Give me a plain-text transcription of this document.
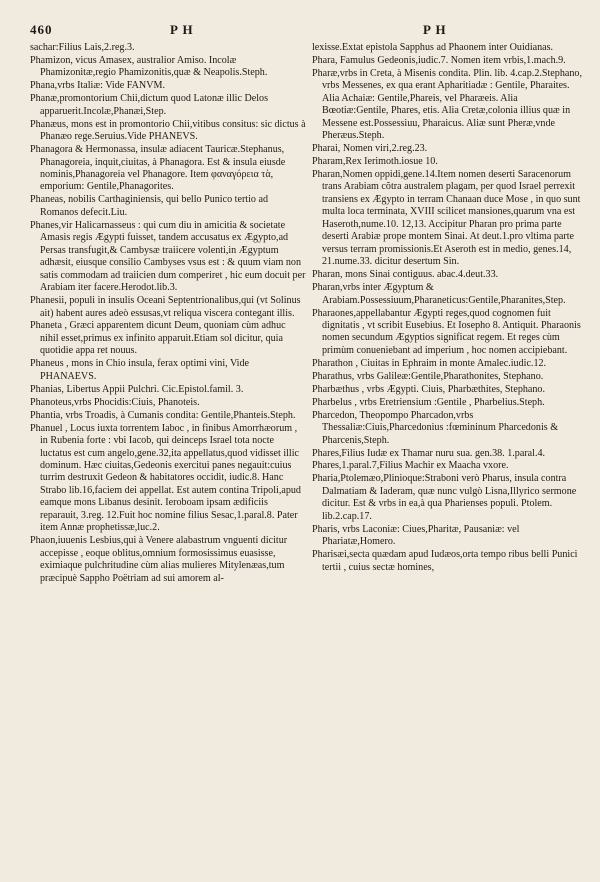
460	P H	P H

sachar:Filius Lais,2.reg.3.

Phamizon, vicus Amasex, australior Amiso. Incolæ Phamizonitæ,regio Phamizonitis,quæ & Neapolis.Steph.

Phana,vrbs Italiæ: Vide FANVM.

Phanæ,promontorium Chii,dictum quod Latonæ illic Delos apparuerit.Incolæ,Phanæi,Step.

Phanæus, mons est in promontorio Chii,vitibus consitus: sic dictus à Phanæo rege.Seruius.Vide PHANEVS.

Phanagora & Hermonassa, insulæ adiacent Tauricæ.Stephanus, Phanagoreia, inquit,ciuitas, à Phanagora. Est & insula eiusde nominis,Phanagoreia vel Phanagore. Item φαναγόρεια τὰ, emporium: Gentile,Phanagorites.

Phaneas, nobilis Carthaginiensis, qui bello Punico tertio ad Romanos defecit.Liu.

Phanes,vir Halicarnasseus : qui cum diu in amicitia & societate Amasis regis Ægypti fuisset, tandem accusatus ex Ægypto,ad Persas transfugit,& Cambysæ traiicere volenti,in Ægyptum adhæsit, eiusque consilio Cambyses vsus est : & quum viam non satis commodam ad traiicien dum comperiret , hic eum docuit per Arabiam iter facere.Herodot.lib.3.

Phanesii, populi in insulis Oceani Septentrionalibus,qui (vt Solinus ait) habent aures adeò essusas,vt reliqua viscera contegant illis.

Phaneta , Græci apparentem dicunt Deum, quoniam cùm adhuc nihil esset,primus ex infinito apparuit.Etiam sol dicitur, quia quotidie appa ret nouus.

Phaneus , mons in Chio insula, ferax optimi vini, Vide PHANAEVS.

Phanias, Libertus Appii Pulchri. Cic.Epistol.famil. 3.

Phanoteus,vrbs Phocidis:Ciuis, Phanoteis.

Phantia, vrbs Troadis, à Cumanis condita: Gentile,Phanteis.Steph.

Phanuel , Locus iuxta torrentem Iaboc , in finibus Amorrhæorum , in Rubenia forte : vbi Iacob, qui deinceps Israel tota nocte luctatus est cum angelo,gene.32,ita appellatus,quod vidisset illic dominum. Hæc ciuitas,Gedeonis exercitui panes negauit:cuius turrim destruxit Gedeon & habitatores occidit, iudic.8. Hanc Strabo lib.16,faciem dei appellat. Est autem contina Tripoli,apud eamque mons Libanus desinit. Ieroboam ipsam ædificiis reparauit, 3.reg. 12.Fuit hoc nomine filius Sesac,1.paral.8. Pater item Annæ prophetissæ,luc.2.

Phaon,iuuenis Lesbius,qui à Venere alabastrum vnguenti dicitur accepisse , eoque oblitus,omnium formosissimus euasisse, eximiaque pulchritudine cùm alias mulieres Mitylenæas,tum præcipuè Sappho Poëtriam ad sui amorem al-

lexisse.Extat epistola Sapphus ad Phaonem inter Ouidianas.

Phara, Famulus Gedeonis,iudic.7. Nomen item vrbis,1.mach.9.

Pharæ,vrbs in Creta, à Misenis condita. Plin. lib. 4.cap.2.Stephano, vrbs Messenes, ex qua erant Apharitiadæ : Gentile, Pharaites. Alia Achaiæ: Gentile,Phareis, vel Pharæeis. Alia Bœotiæ:Gentile, Phares, etis. Alia Cretæ,colonia illius quæ in Messene est.Possessiuu, Pharaicus. Aliæ sunt Pheræ,vnde Pheræus.Steph.

Pharai, Nomen viri,2.reg.23.

Pharam,Rex Ierimoth.iosue 10.

Pharan,Nomen oppidi,gene.14.Item nomen deserti Saracenorum trans Arabiam cõtra australem plagam, per quod Israel perrexit transiens ex Ægypto in terram Chanaan duce Mose , in quo sunt multa loca terminata, XVIII scilicet mansiones,quarum vna est Haseroth,nume.10. 12,13. Accipitur Pharan pro prima parte deserti Arabiæ prope montem Sinai. At deut.1.pro vltima parte versus terram promissionis.Et Aseroth est in medio, genes.14, 21.nume.33. dicitur desertum Sin.

Pharan, mons Sinai contiguus. abac.4.deut.33.

Pharan,vrbs inter Ægyptum & Arabiam.Possessiuum,Pharaneticus:Gentile,Pharanites,Step.

Pharaones,appellabantur Ægypti reges,quod cognomen fuit dignitatis , vt scribit Eusebius. Et Iosepho 8. Antiquit. Pharaonis nomen secundum Ægyptios significat regem. Et reges cùm primùm conueniebant ad imperium , hoc nomen accipiebant.

Pharathon , Ciuitas in Ephraim in monte Amalec.iudic.12.

Pharathus, vrbs Galileæ:Gentile,Pharathonites, Stephano.

Pharbæthus , vrbs Ægypti. Ciuis, Pharbæthites, Stephano.

Pharbelus , vrbs Eretriensium :Gentile , Pharbelius.Steph.

Pharcedon, Theopompo Pharcadon,vrbs Thessaliæ:Ciuis,Pharcedonius :fœmininum Pharcedonis & Pharcenis,Steph.

Phares,Filius Iudæ ex Thamar nuru sua. gen.38. 1.paral.4.

Phares,1.paral.7,Filius Machir ex Maacha vxore.

Pharia,Ptolemæo,Plinioque:Straboni verò Pharus, insula contra Dalmatiam & Iaderam, quæ nunc vulgò Lisna,Illyrico sermone dicitur. Est & vrbs in ea,à qua Pharienses populi. Ptolem. lib.2.cap.17.

Pharis, vrbs Laconiæ: Ciues,Pharitæ, Pausaniæ: vel Phariatæ,Homero.

Pharisæi,secta quædam apud Iudæos,orta tempo ribus belli Punici tertii , cuius sectæ homines,
